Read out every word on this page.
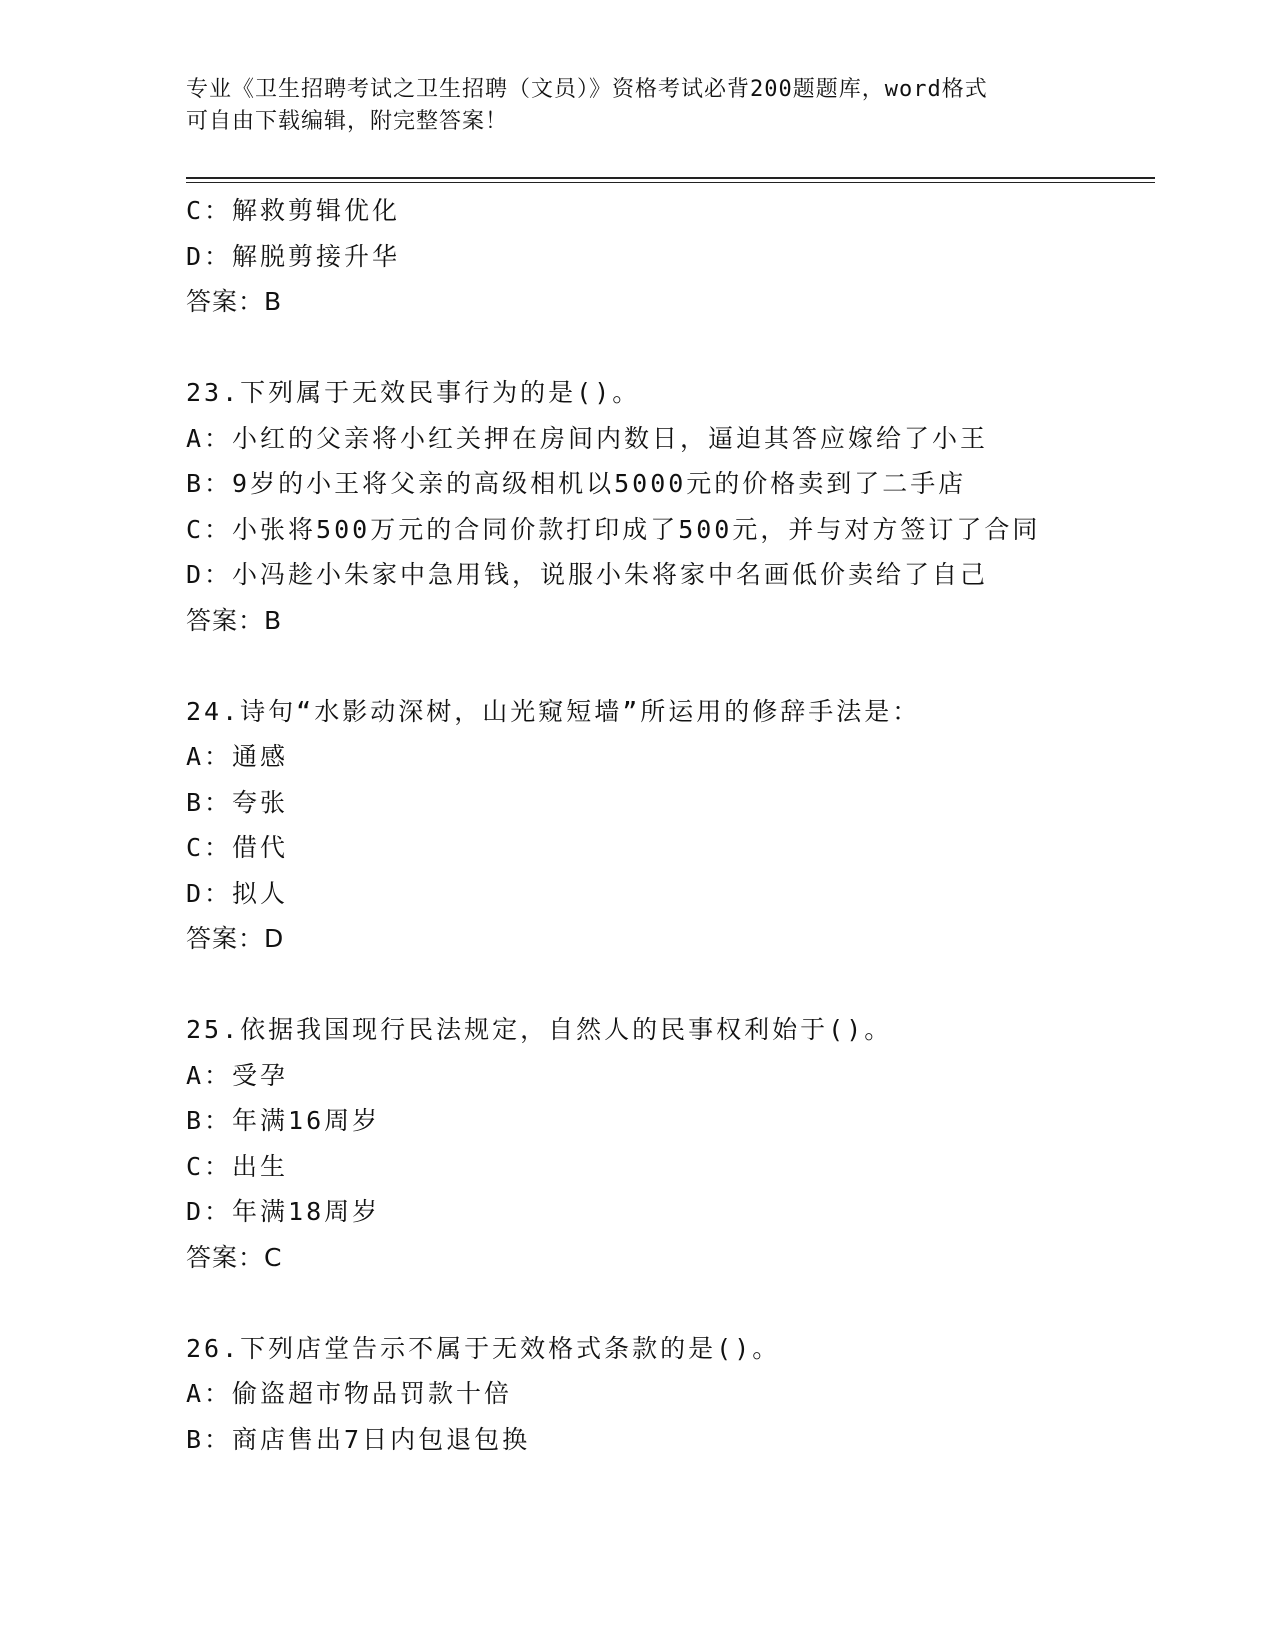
专业《卫生招聘考试之卫生招聘（文员）》资格考试必背200题题库，word格式
可自由下载编辑，附完整答案！
C：解救剪辑优化
D：解脱剪接升华
答案：B
23.下列属于无效民事行为的是()。
A：小红的父亲将小红关押在房间内数日，逼迫其答应嫁给了小王
B：9岁的小王将父亲的高级相机以5000元的价格卖到了二手店
C：小张将500万元的合同价款打印成了500元，并与对方签订了合同
D：小冯趁小朱家中急用钱，说服小朱将家中名画低价卖给了自己
答案：B
24.诗句“水影动深树，山光窥短墙”所运用的修辞手法是：
A：通感
B：夸张
C：借代
D：拟人
答案：D
25.依据我国现行民法规定，自然人的民事权利始于()。
A：受孕
B：年满16周岁
C：出生
D：年满18周岁
答案：C
26.下列店堂告示不属于无效格式条款的是()。
A：偷盗超市物品罚款十倍
B：商店售出7日内包退包换
